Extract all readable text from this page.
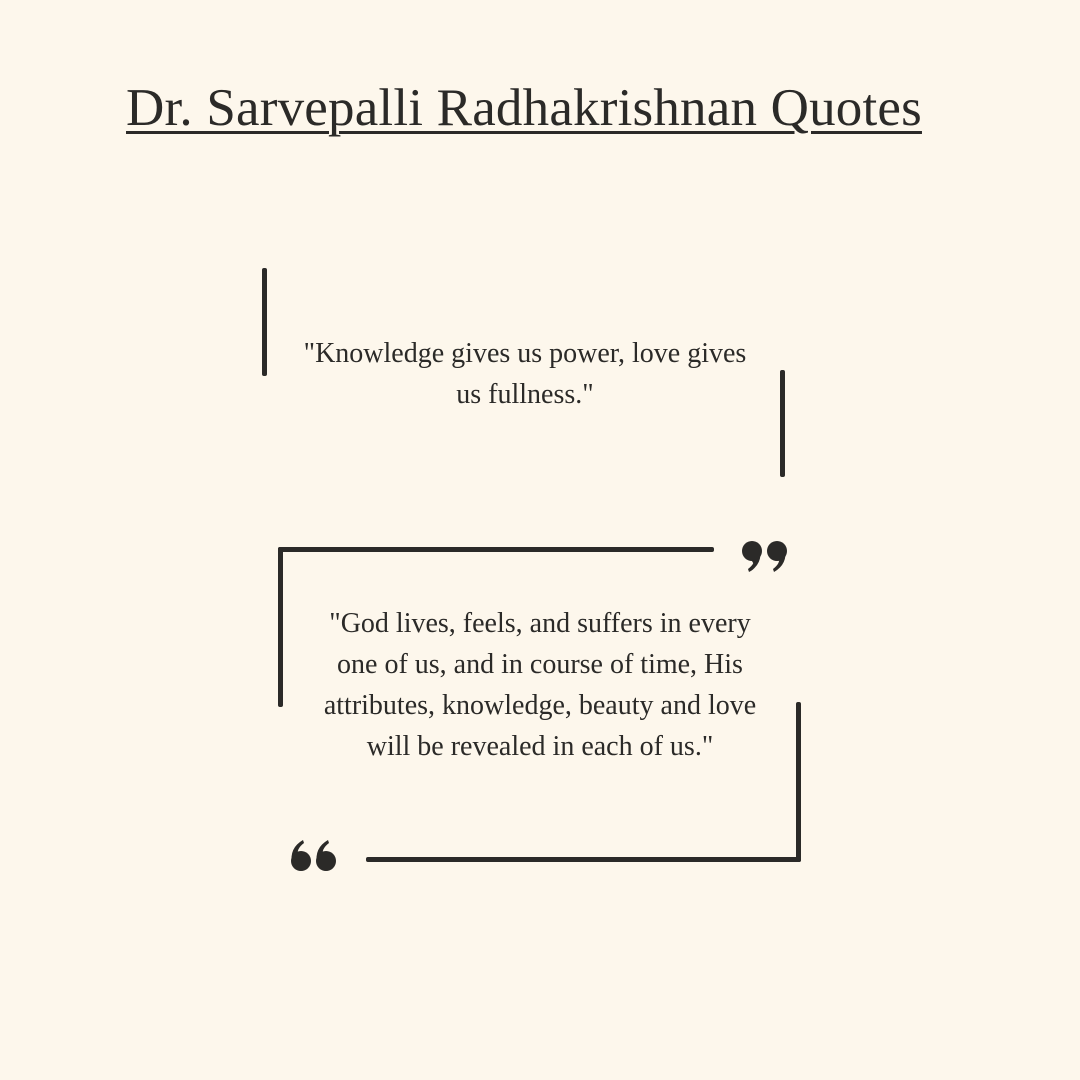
Dr. Sarvepalli Radhakrishnan Quotes
"Knowledge gives us power, love gives us fullness."
"God lives, feels, and suffers in every one of us, and in course of time, His attributes, knowledge, beauty and love will be revealed in each of us."
